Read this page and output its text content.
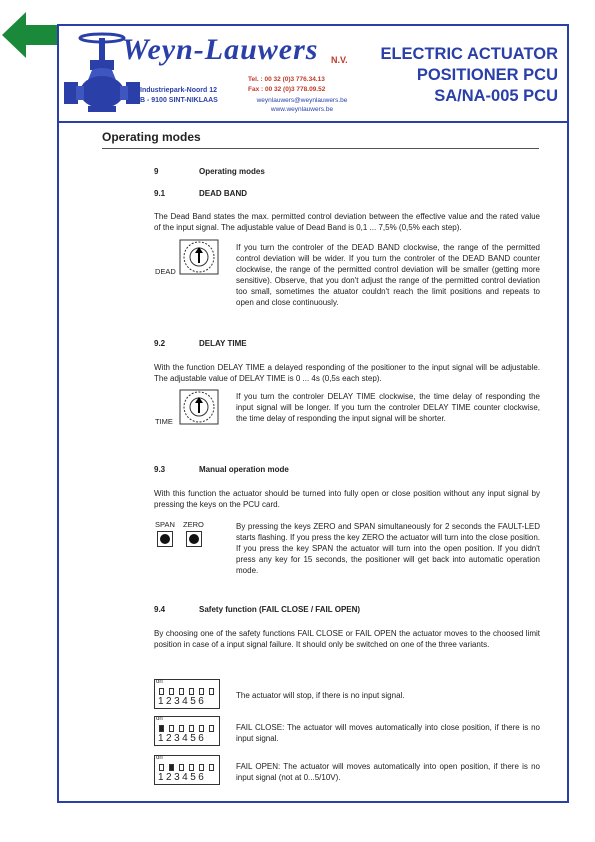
Weyn-Lauwers N.V.
Industriepark-Noord 12
B - 9100 SINT-NIKLAAS
Tel. : 00 32 (0)3 776.34.13
Fax : 00 32 (0)3 778.09.52
weynlauwers@weynlauwers.be
www.weynlauwers.be
ELECTRIC ACTUATOR
POSITIONER PCU
SA/NA-005 PCU
Operating modes
9	Operating modes
9.1	DEAD BAND
The Dead Band states the max. permitted control deviation between the effective value and the rated value of the input signal. The adjustable value of Dead Band is 0,1 ... 7,5% (0,5% each step).
DEAD
If you turn the controler of the DEAD BAND clockwise, the range of the permitted control deviation will be wider. If you turn the controler of the DEAD BAND counter clockwise, the range of the permitted control deviation will be smaller (getting more sensitive). Observe, that you don't adjust the range of the permitted control deviation too small, sometimes the atuator couldn't reach the limit positions and repeats to open and close continuously.
9.2	DELAY TIME
With the function DELAY TIME a delayed responding of the positioner to the input signal will be adjustable. The adjustable value of DELAY TIME is 0 ... 4s (0,5s each step).
TIME
If you turn the controler DELAY TIME clockwise, the time delay of responding the input signal will be longer. If you turn the controler DELAY TIME counter clockwise, the time delay of responding the input signal will be shorter.
9.3	Manual operation mode
With this function the actuator should be turned into fully open or close position without any input signal by pressing the keys on the PCU card.
SPAN ZERO	By pressing the keys ZERO and SPAN simultaneously for 2 seconds the FAULT-LED starts flashing. If you press the key ZERO the actuator will turn into the close position. If you press the key SPAN the actuator will turn into the open position. If you didn't press any key for 15 seconds, the positioner will get back into automatic operation mode.
9.4	Safety function (FAIL CLOSE / FAIL OPEN)
By choosing one of the safety functions FAIL CLOSE or FAIL OPEN the actuator moves to the choosed limit position in case of a input signal failure. It should only be switched on one of the three variants.
on
123456
The actuator will stop, if there is no input signal.
on
123456
FAIL CLOSE: The actuator will moves automatically into close position, if there is no input signal.
on
123456
FAIL OPEN: The actuator will moves automatically into open position, if there is no input signal (not at 0...5/10V).
